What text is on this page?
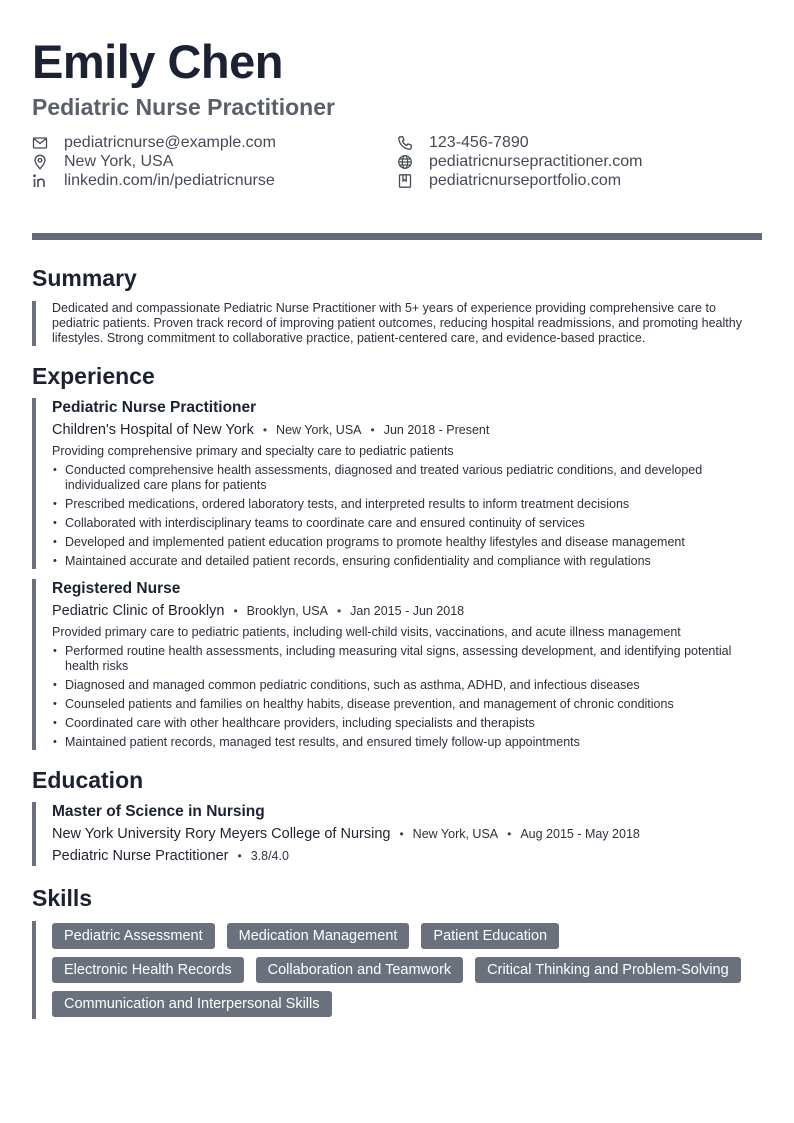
Emily Chen
Pediatric Nurse Practitioner
pediatricnurse@example.com	123-456-7890
New York, USA	pediatricnursepractitioner.com
linkedin.com/in/pediatricnurse	pediatricnurseportfolio.com
Summary
Dedicated and compassionate Pediatric Nurse Practitioner with 5+ years of experience providing comprehensive care to pediatric patients. Proven track record of improving patient outcomes, reducing hospital readmissions, and promoting healthy lifestyles. Strong commitment to collaborative practice, patient-centered care, and evidence-based practice.
Experience
Pediatric Nurse Practitioner
Children's Hospital of New York • New York, USA • Jun 2018 - Present
Providing comprehensive primary and specialty care to pediatric patients
• Conducted comprehensive health assessments, diagnosed and treated various pediatric conditions, and developed individualized care plans for patients
• Prescribed medications, ordered laboratory tests, and interpreted results to inform treatment decisions
• Collaborated with interdisciplinary teams to coordinate care and ensured continuity of services
• Developed and implemented patient education programs to promote healthy lifestyles and disease management
• Maintained accurate and detailed patient records, ensuring confidentiality and compliance with regulations
Registered Nurse
Pediatric Clinic of Brooklyn • Brooklyn, USA • Jan 2015 - Jun 2018
Provided primary care to pediatric patients, including well-child visits, vaccinations, and acute illness management
• Performed routine health assessments, including measuring vital signs, assessing development, and identifying potential health risks
• Diagnosed and managed common pediatric conditions, such as asthma, ADHD, and infectious diseases
• Counseled patients and families on healthy habits, disease prevention, and management of chronic conditions
• Coordinated care with other healthcare providers, including specialists and therapists
• Maintained patient records, managed test results, and ensured timely follow-up appointments
Education
Master of Science in Nursing
New York University Rory Meyers College of Nursing • New York, USA • Aug 2015 - May 2018
Pediatric Nurse Practitioner • 3.8/4.0
Skills
Pediatric Assessment	Medication Management	Patient Education
Electronic Health Records	Collaboration and Teamwork	Critical Thinking and Problem-Solving
Communication and Interpersonal Skills
